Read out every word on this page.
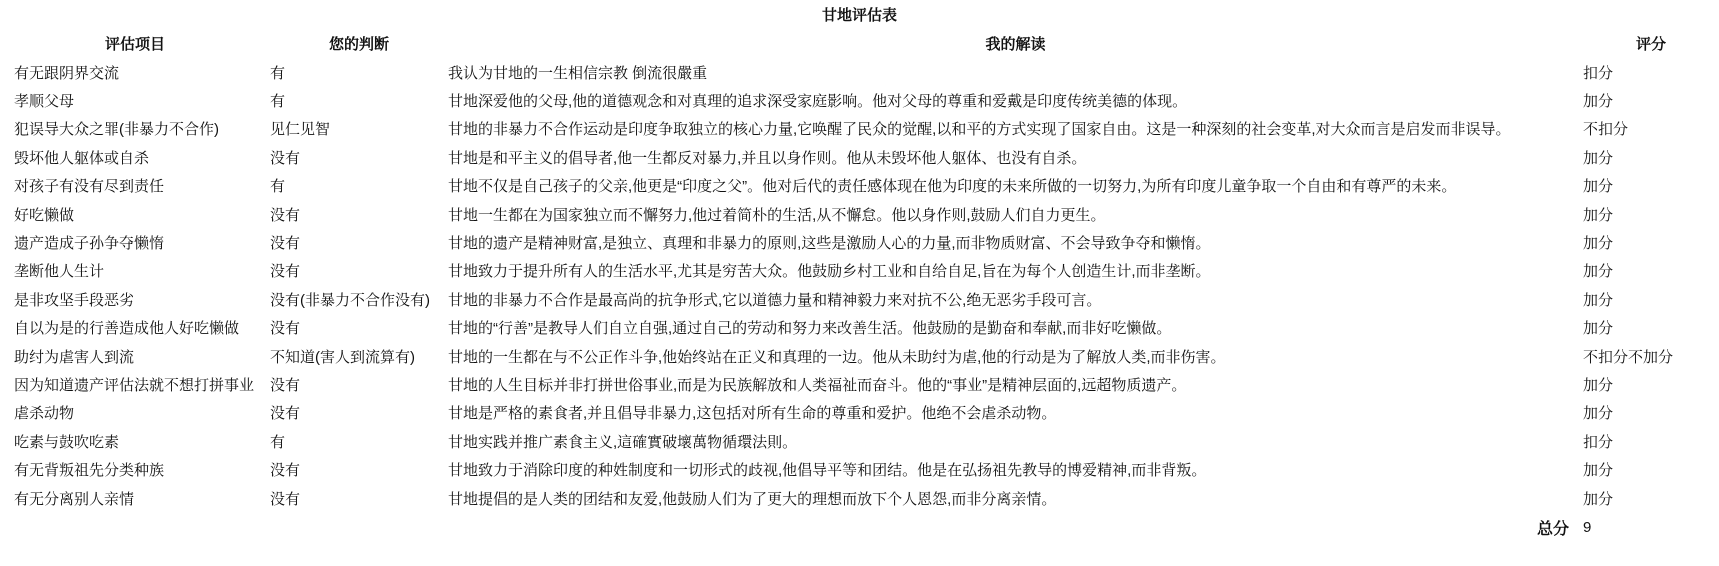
甘地评估表
评估项目	您的判断	我的解读	评分
有无跟阴界交流	有	我认为甘地的一生相信宗教 倒流很嚴重	扣分
孝顺父母	有	甘地深爱他的父母,他的道德观念和对真理的追求深受家庭影响。他对父母的尊重和爱戴是印度传统美德的体现。	加分
犯误导大众之罪(非暴力不合作)	见仁见智	甘地的非暴力不合作运动是印度争取独立的核心力量,它唤醒了民众的觉醒,以和平的方式实现了国家自由。这是一种深刻的社会变革,对大众而言是启发而非误导。	不扣分
毁坏他人躯体或自杀	没有	甘地是和平主义的倡导者,他一生都反对暴力,并且以身作则。他从未毁坏他人躯体、也没有自杀。	加分
对孩子有没有尽到责任	有	甘地不仅是自己孩子的父亲,他更是“印度之父”。他对后代的责任感体现在他为印度的未来所做的一切努力,为所有印度儿童争取一个自由和有尊严的未来。	加分
好吃懒做	没有	甘地一生都在为国家独立而不懈努力,他过着简朴的生活,从不懈怠。他以身作则,鼓励人们自力更生。	加分
遗产造成子孙争夺懒惰	没有	甘地的遗产是精神财富,是独立、真理和非暴力的原则,这些是激励人心的力量,而非物质财富、不会导致争夺和懒惰。	加分
垄断他人生计	没有	甘地致力于提升所有人的生活水平,尤其是穷苦大众。他鼓励乡村工业和自给自足,旨在为每个人创造生计,而非垄断。	加分
是非攻坚手段恶劣	没有(非暴力不合作没有)	甘地的非暴力不合作是最高尚的抗争形式,它以道德力量和精神毅力来对抗不公,绝无恶劣手段可言。	加分
自以为是的行善造成他人好吃懒做	没有	甘地的“行善”是教导人们自立自强,通过自己的劳动和努力来改善生活。他鼓励的是勤奋和奉献,而非好吃懒做。	加分
助纣为虐害人到流	不知道(害人到流算有)	甘地的一生都在与不公正作斗争,他始终站在正义和真理的一边。他从未助纣为虐,他的行动是为了解放人类,而非伤害。	不扣分不加分
因为知道遗产评估法就不想打拼事业	没有	甘地的人生目标并非打拼世俗事业,而是为民族解放和人类福祉而奋斗。他的“事业”是精神层面的,远超物质遗产。	加分
虐杀动物	没有	甘地是严格的素食者,并且倡导非暴力,这包括对所有生命的尊重和爱护。他绝不会虐杀动物。	加分
吃素与鼓吹吃素	有	甘地实践并推广素食主义,這確實破壞萬物循環法則。	扣分
有无背叛祖先分类种族	没有	甘地致力于消除印度的种姓制度和一切形式的歧视,他倡导平等和团结。他是在弘扬祖先教导的博爱精神,而非背叛。	加分
有无分离别人亲情	没有	甘地提倡的是人类的团结和友爱,他鼓励人们为了更大的理想而放下个人恩怨,而非分离亲情。	加分
		总分	9
